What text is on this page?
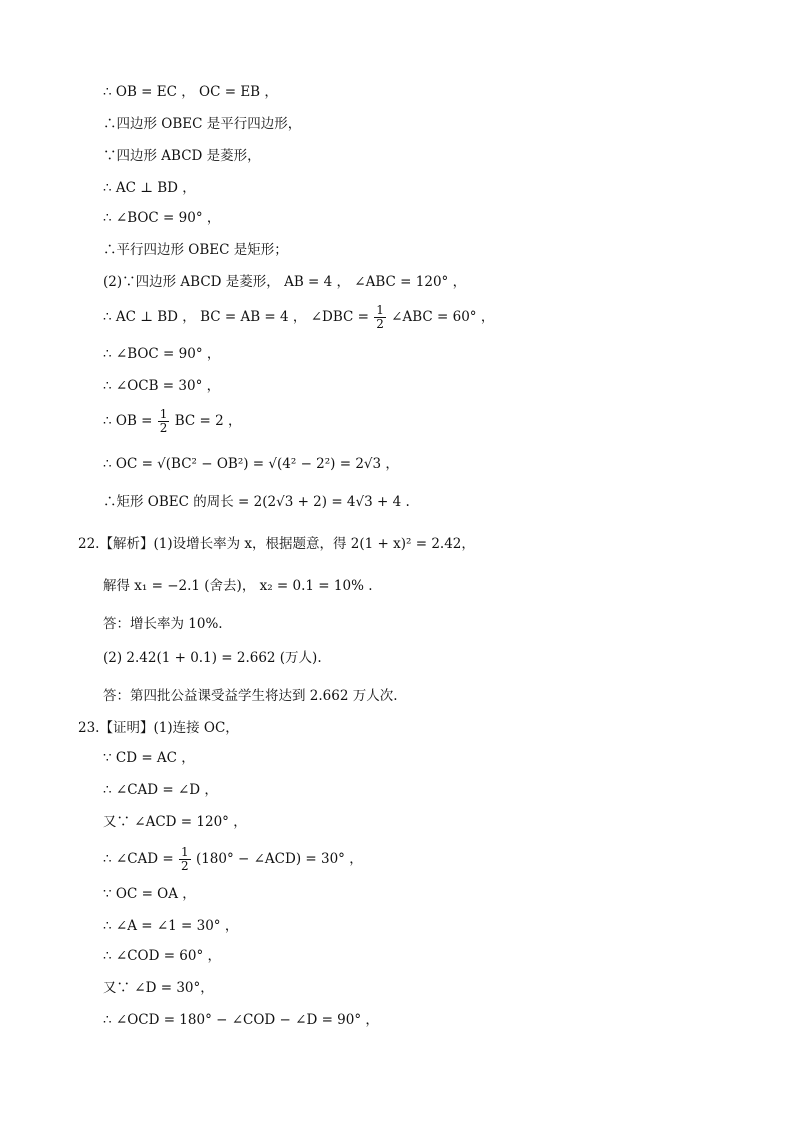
∴ OB = EC ， OC = EB ，
∴四边形 OBEC 是平行四边形，
∵四边形 ABCD 是菱形，
∴ AC ⊥ BD ，
∴ ∠BOC = 90° ，
∴平行四边形 OBEC 是矩形；
(2)∵四边形 ABCD 是菱形， AB = 4 ， ∠ABC = 120° ，
∴ AC ⊥ BD ， BC = AB = 4 ， ∠DBC = $\frac{1}{2}$ ∠ABC = 60° ，
∴ ∠BOC = 90° ，
∴ ∠OCB = 30° ，
∴ OB = $\frac{1}{2}$ BC = 2 ，
∴ OC = √(BC² − OB²) = √(4² − 2²) = 2√3 ，
∴矩形 OBEC 的周长 = 2(2√3 + 2) = 4√3 + 4 .
22.【解析】(1)设增长率为 x，根据题意，得 2(1 + x)² = 2.42，
解得 x₁ = −2.1 (舍去)， x₂ = 0.1 = 10% .
答：增长率为 10%.
(2) 2.42(1 + 0.1) = 2.662 (万人).
答：第四批公益课受益学生将达到 2.662 万人次.
23.【证明】(1)连接 OC，
∵ CD = AC ，
∴ ∠CAD = ∠D ，
又∵ ∠ACD = 120° ，
∴ ∠CAD = $\frac{1}{2} (180^\circ$ − ∠ACD) = 30° ，
∵ OC = OA ，
∴ ∠A = ∠1 = 30° ，
∴ ∠COD = 60° ，
又∵ ∠D = 30°，
∴ ∠OCD = 180° − ∠COD − ∠D = 90° ，
